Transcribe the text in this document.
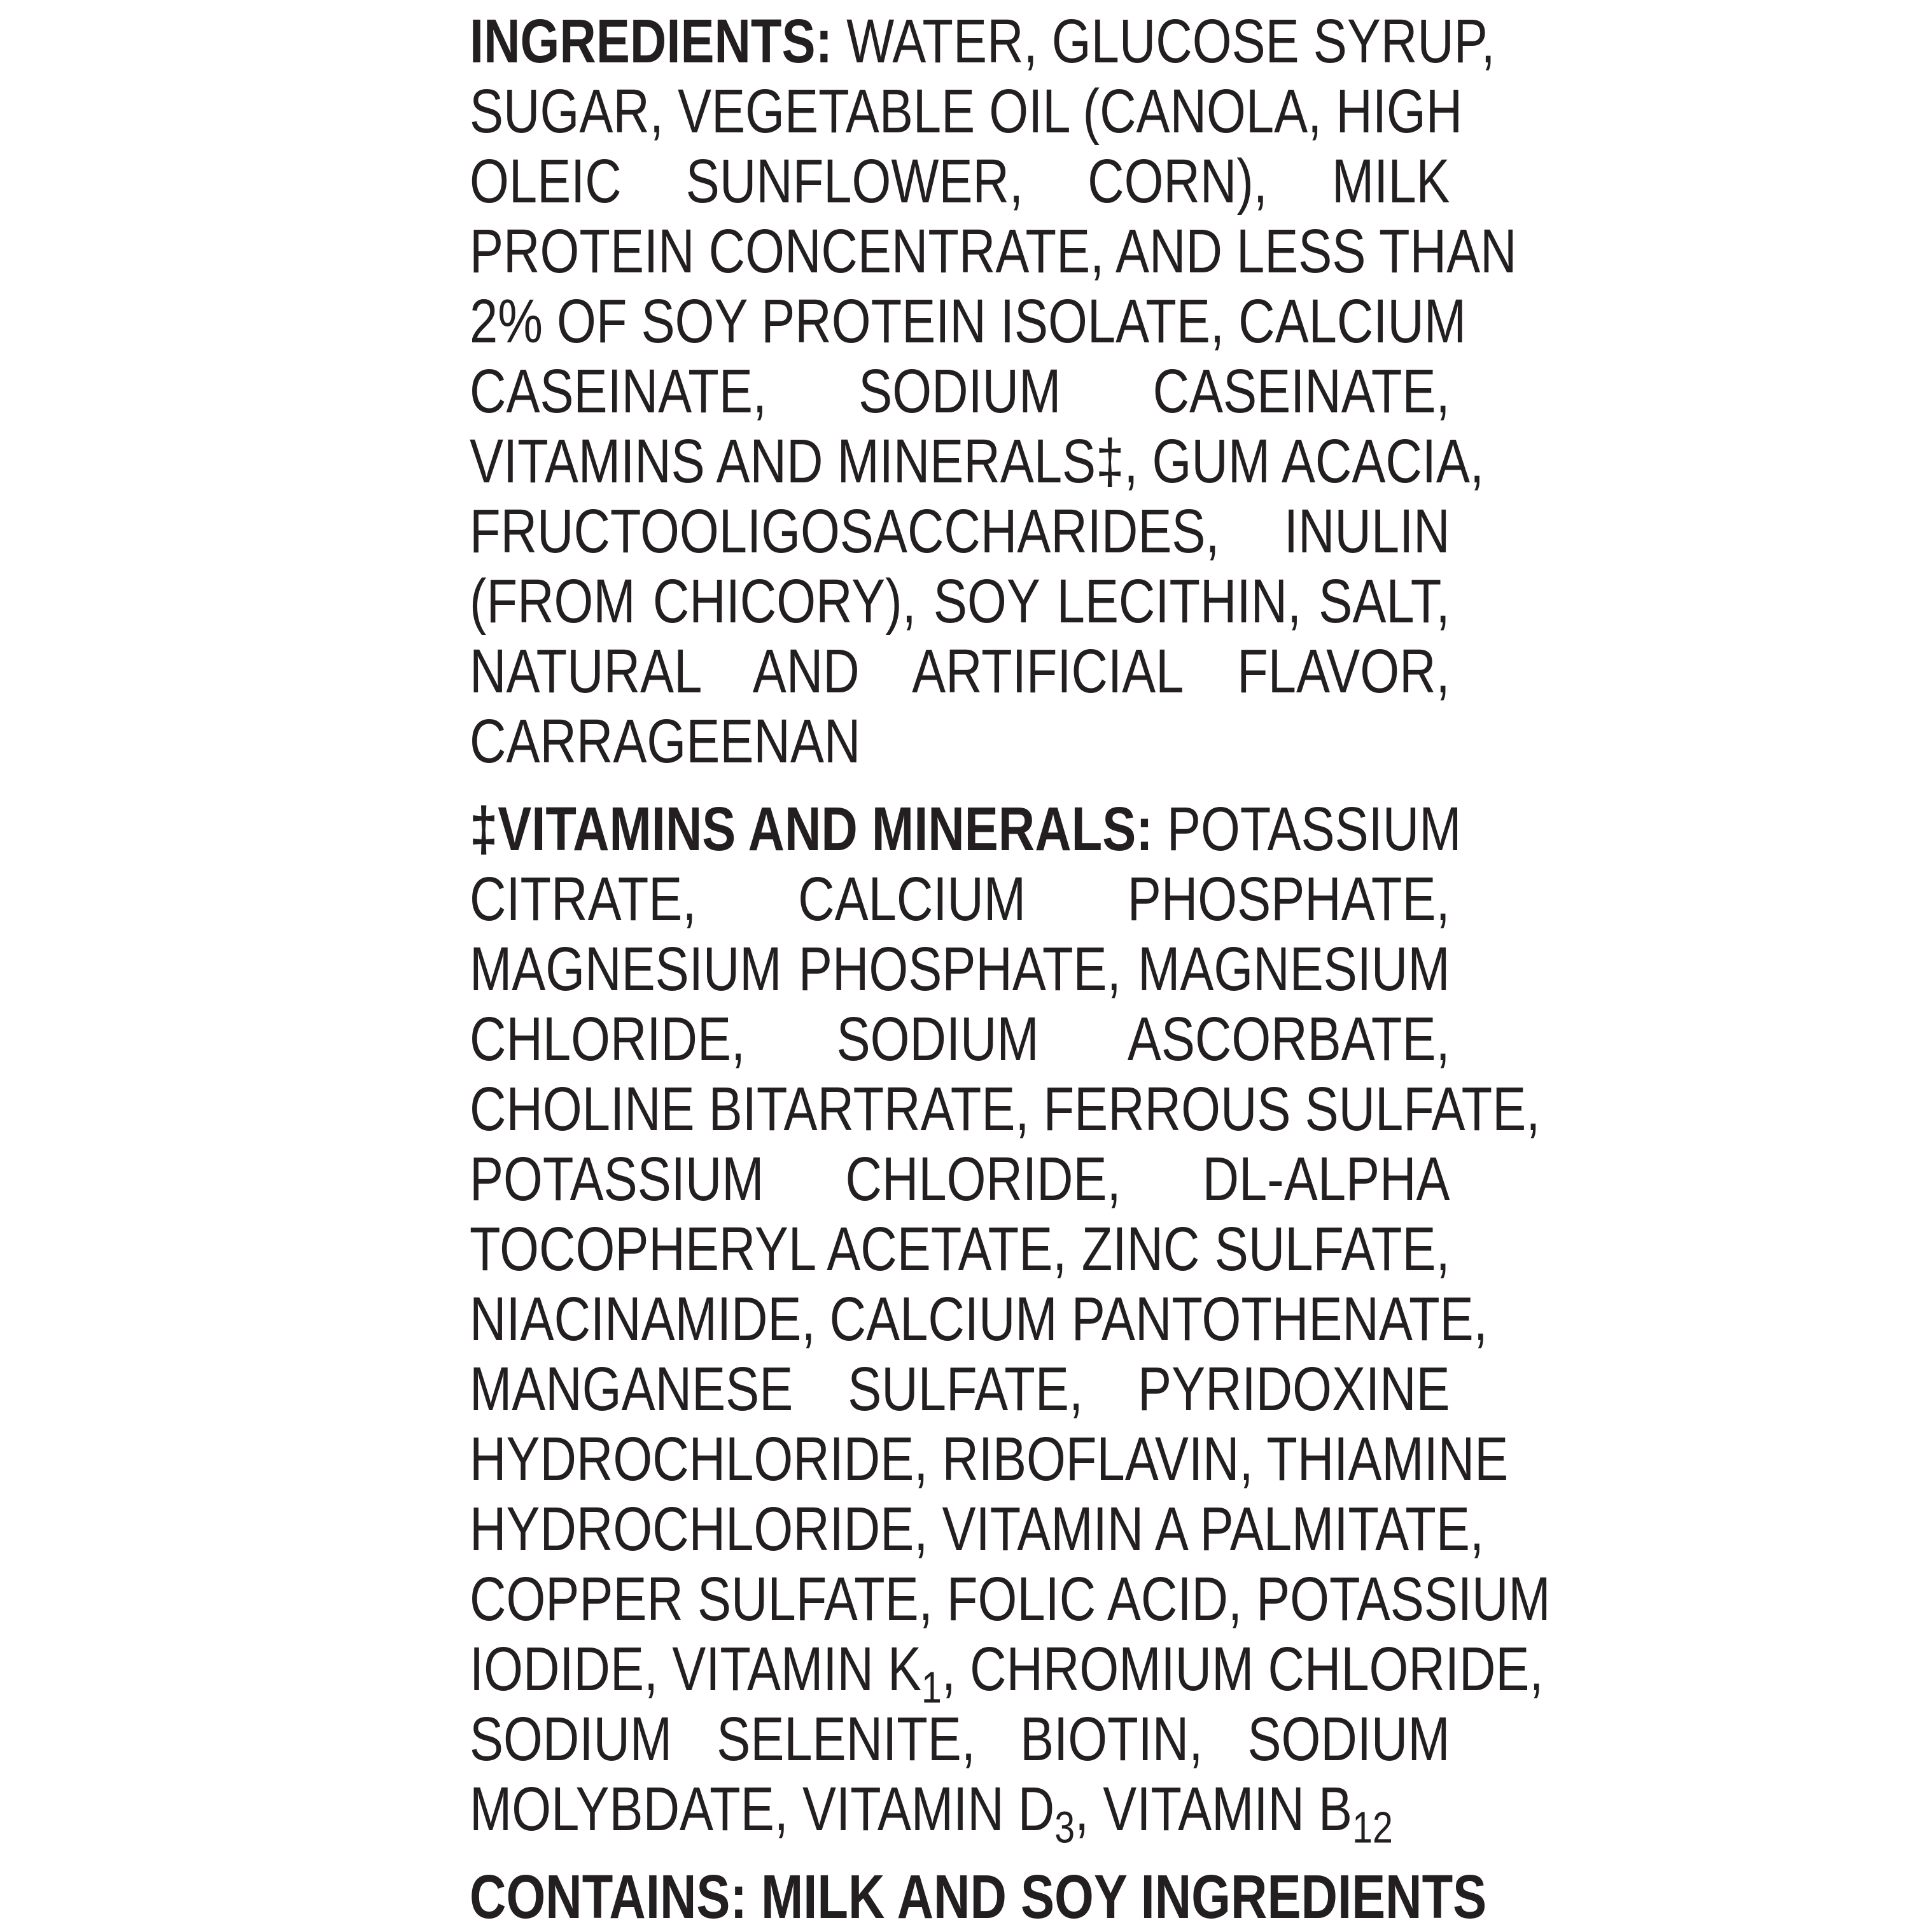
INGREDIENTS: WATER, GLUCOSE SYRUP,
SUGAR, VEGETABLE OIL (CANOLA, HIGH
OLEIC SUNFLOWER, CORN), MILK
PROTEIN CONCENTRATE, AND LESS THAN
2% OF SOY PROTEIN ISOLATE, CALCIUM
CASEINATE, SODIUM CASEINATE,
VITAMINS AND MINERALS‡, GUM ACACIA,
FRUCTOOLIGOSACCHARIDES, INULIN
(FROM CHICORY), SOY LECITHIN, SALT,
NATURAL AND ARTIFICIAL FLAVOR,
CARRAGEENAN
‡VITAMINS AND MINERALS: POTASSIUM
CITRATE, CALCIUM PHOSPHATE,
MAGNESIUM PHOSPHATE, MAGNESIUM
CHLORIDE, SODIUM ASCORBATE,
CHOLINE BITARTRATE, FERROUS SULFATE,
POTASSIUM CHLORIDE, DL-ALPHA
TOCOPHERYL ACETATE, ZINC SULFATE,
NIACINAMIDE, CALCIUM PANTOTHENATE,
MANGANESE SULFATE, PYRIDOXINE
HYDROCHLORIDE, RIBOFLAVIN, THIAMINE
HYDROCHLORIDE, VITAMIN A PALMITATE,
COPPER SULFATE, FOLIC ACID, POTASSIUM
IODIDE, VITAMIN $K_1$, CHROMIUM CHLORIDE,
SODIUM SELENITE, BIOTIN, SODIUM
MOLYBDATE, VITAMIN $D_3$, VITAMIN $B_{12}$
CONTAINS: MILK AND SOY INGREDIENTS
